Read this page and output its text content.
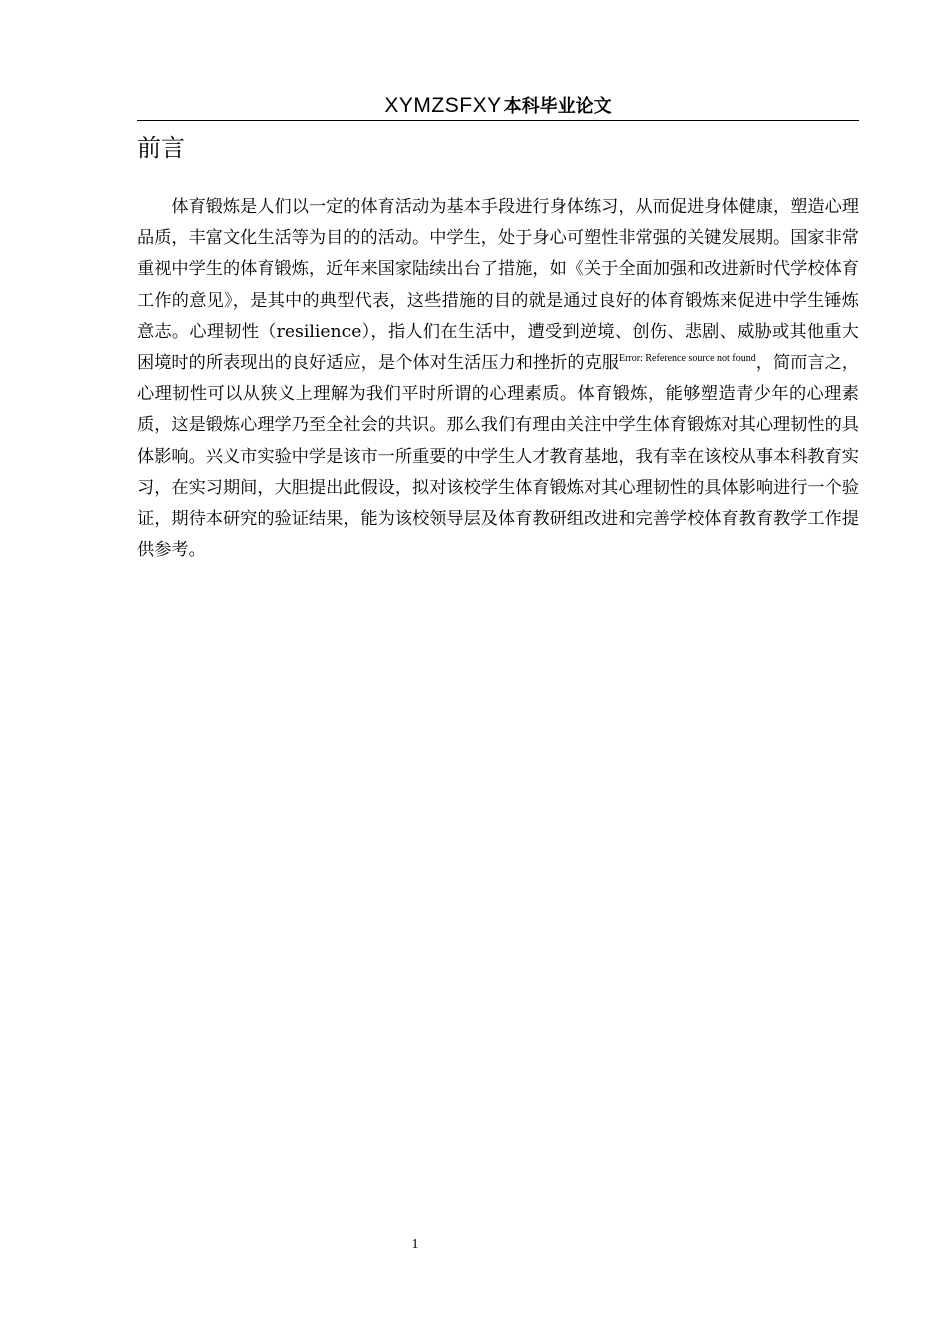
XYMZSFXY 本科毕业论文
前言

体育锻炼是人们以一定的体育活动为基本手段进行身体练习，从而促进身体健康，塑造心理品质，丰富文化生活等为目的的活动。中学生，处于身心可塑性非常强的关键发展期。国家非常重视中学生的体育锻炼，近年来国家陆续出台了措施，如《关于全面加强和改进新时代学校体育工作的意见》，是其中的典型代表，这些措施的目的就是通过良好的体育锻炼来促进中学生锤炼意志。心理韧性（resilience），指人们在生活中，遭受到逆境、创伤、悲剧、威胁或其他重大困境时的所表现出的良好适应，是个体对生活压力和挫折的克服$^{Error: Reference source not found}$，简而言之，心理韧性可以从狭义上理解为我们平时所谓的心理素质。体育锻炼，能够塑造青少年的心理素质，这是锻炼心理学乃至全社会的共识。那么我们有理由关注中学生体育锻炼对其心理韧性的具体影响。兴义市实验中学是该市一所重要的中学生人才教育基地，我有幸在该校从事本科教育实习，在实习期间，大胆提出此假设，拟对该校学生体育锻炼对其心理韧性的具体影响进行一个验证，期待本研究的验证结果，能为该校领导层及体育教研组改进和完善学校体育教育教学工作提供参考。

1
